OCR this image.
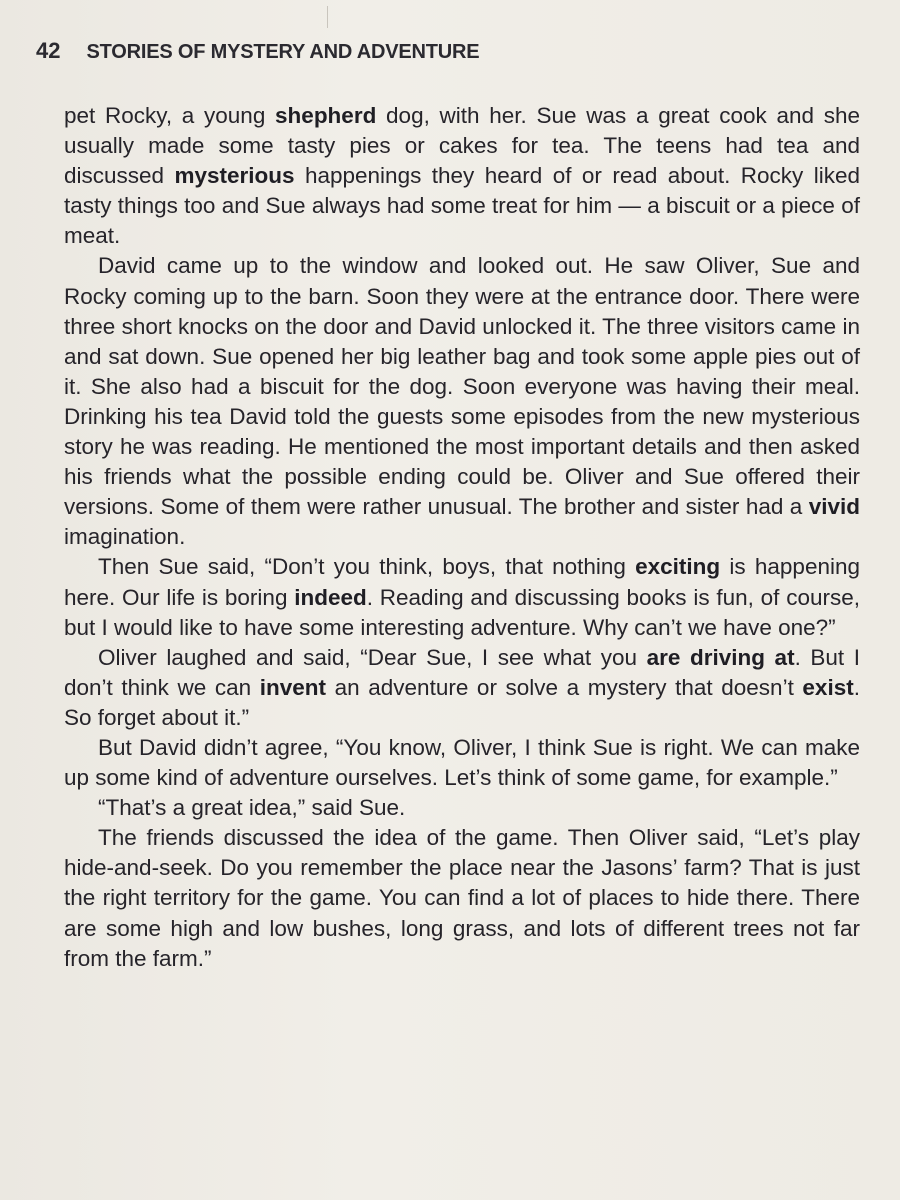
42 STORIES OF MYSTERY AND ADVENTURE

pet Rocky, a young shepherd dog, with her. Sue was a great cook and she usually made some tasty pies or cakes for tea. The teens had tea and discussed mysterious happenings they heard of or read about. Rocky liked tasty things too and Sue always had some treat for him — a biscuit or a piece of meat.

David came up to the window and looked out. He saw Oliver, Sue and Rocky coming up to the barn. Soon they were at the entrance door. There were three short knocks on the door and David unlocked it. The three visitors came in and sat down. Sue opened her big leather bag and took some apple pies out of it. She also had a biscuit for the dog. Soon everyone was having their meal. Drinking his tea David told the guests some episodes from the new mysterious story he was reading. He mentioned the most important details and then asked his friends what the possible ending could be. Oliver and Sue offered their versions. Some of them were rather unusual. The brother and sister had a vivid imagination.

Then Sue said, “Don’t you think, boys, that nothing exciting is happening here. Our life is boring indeed. Reading and discussing books is fun, of course, but I would like to have some interesting adventure. Why can’t we have one?”

Oliver laughed and said, “Dear Sue, I see what you are driving at. But I don’t think we can invent an adventure or solve a mystery that doesn’t exist. So forget about it.”

But David didn’t agree, “You know, Oliver, I think Sue is right. We can make up some kind of adventure ourselves. Let’s think of some game, for example.”

“That’s a great idea,” said Sue.

The friends discussed the idea of the game. Then Oliver said, “Let’s play hide-and-seek. Do you remember the place near the Jasons’ farm? That is just the right territory for the game. You can find a lot of places to hide there. There are some high and low bushes, long grass, and lots of different trees not far from the farm.”
